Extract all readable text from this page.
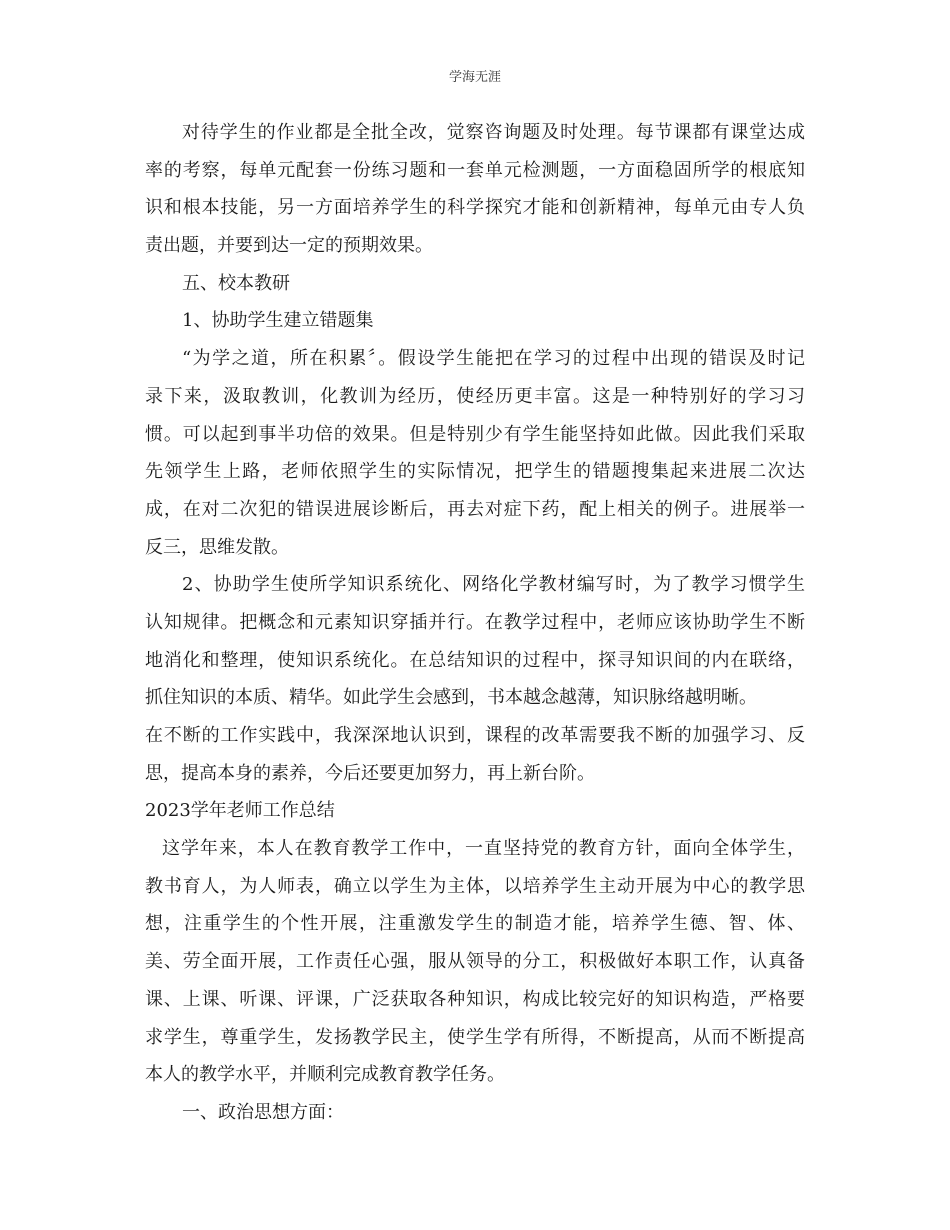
学海无涯
对待学生的作业都是全批全改，觉察咨询题及时处理。每节课都有课堂达成
率的考察，每单元配套一份练习题和一套单元检测题，一方面稳固所学的根底知
识和根本技能，另一方面培养学生的科学探究才能和创新精神，每单元由专人负
责出题，并要到达一定的预期效果。
五、校本教研
1、协助学生建立错题集
“为学之道，所在积累〞。假设学生能把在学习的过程中出现的错误及时记
录下来，汲取教训，化教训为经历，使经历更丰富。这是一种特别好的学习习
惯。可以起到事半功倍的效果。但是特别少有学生能坚持如此做。因此我们采取
先领学生上路，老师依照学生的实际情况，把学生的错题搜集起来进展二次达
成，在对二次犯的错误进展诊断后，再去对症下药，配上相关的例子。进展举一
反三，思维发散。
2、协助学生使所学知识系统化、网络化学教材编写时，为了教学习惯学生
认知规律。把概念和元素知识穿插并行。在教学过程中，老师应该协助学生不断
地消化和整理，使知识系统化。在总结知识的过程中，探寻知识间的内在联络，
抓住知识的本质、精华。如此学生会感到，书本越念越薄，知识脉络越明晰。
在不断的工作实践中，我深深地认识到，课程的改革需要我不断的加强学习、反
思，提高本身的素养，今后还要更加努力，再上新台阶。
2023学年老师工作总结
这学年来，本人在教育教学工作中，一直坚持党的教育方针，面向全体学生，
教书育人，为人师表，确立以学生为主体，以培养学生主动开展为中心的教学思
想，注重学生的个性开展，注重激发学生的制造才能，培养学生德、智、体、
美、劳全面开展，工作责任心强，服从领导的分工，积极做好本职工作，认真备
课、上课、听课、评课，广泛获取各种知识，构成比较完好的知识构造，严格要
求学生，尊重学生，发扬教学民主，使学生学有所得，不断提高，从而不断提高
本人的教学水平，并顺利完成教育教学任务。
一、政治思想方面：
